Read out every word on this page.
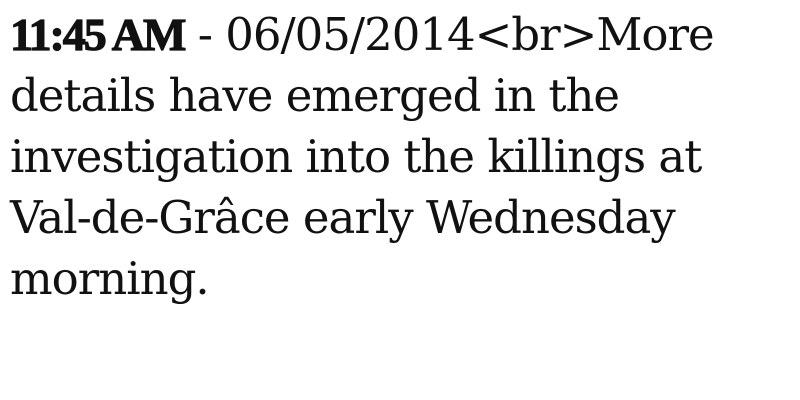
11:45 AM - 06/05/2014<br>More details have emerged in the investigation into the killings at Val-de-Grâce early Wednesday morning.
